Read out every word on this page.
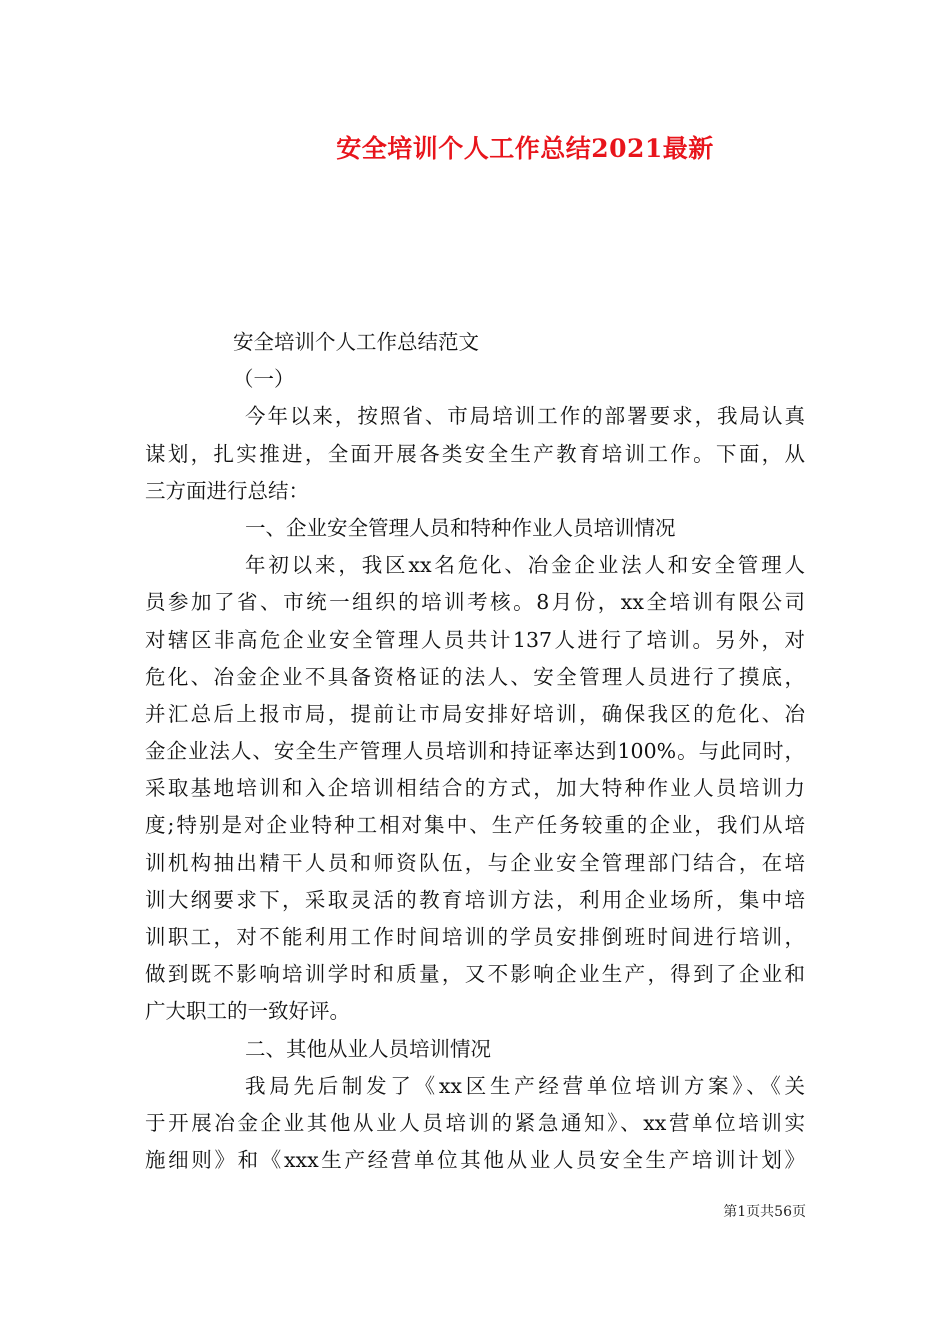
安全培训个人工作总结2021最新
安全培训个人工作总结范文
（一）
今年以来，按照省、市局培训工作的部署要求，我局认真
谋划，扎实推进，全面开展各类安全生产教育培训工作。下面，从
三方面进行总结：
一、企业安全管理人员和特种作业人员培训情况
年初以来，我区xx名危化、冶金企业法人和安全管理人
员参加了省、市统一组织的培训考核。8月份，xx全培训有限公司
对辖区非高危企业安全管理人员共计137人进行了培训。另外，对
危化、冶金企业不具备资格证的法人、安全管理人员进行了摸底，
并汇总后上报市局，提前让市局安排好培训，确保我区的危化、冶
金企业法人、安全生产管理人员培训和持证率达到100%。与此同时，
采取基地培训和入企培训相结合的方式，加大特种作业人员培训力
度;特别是对企业特种工相对集中、生产任务较重的企业，我们从培
训机构抽出精干人员和师资队伍，与企业安全管理部门结合，在培
训大纲要求下，采取灵活的教育培训方法，利用企业场所，集中培
训职工，对不能利用工作时间培训的学员安排倒班时间进行培训，
做到既不影响培训学时和质量，又不影响企业生产，得到了企业和
广大职工的一致好评。
二、其他从业人员培训情况
我局先后制发了《xx区生产经营单位培训方案》、《关
于开展冶金企业其他从业人员培训的紧急通知》、xx营单位培训实
施细则》和《xxx生产经营单位其他从业人员安全生产培训计划》
第1页共56页
